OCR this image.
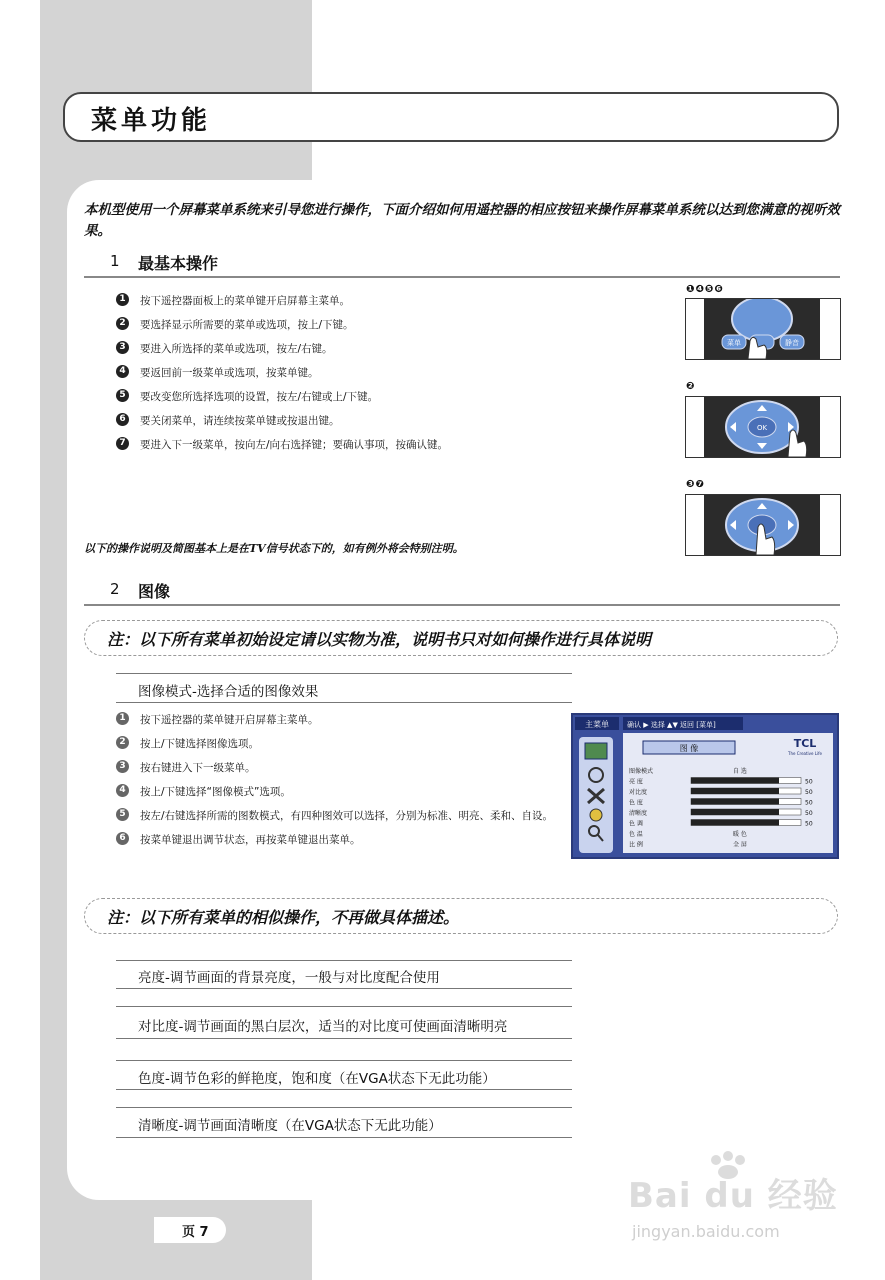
菜单功能
本机型使用一个屏幕菜单系统来引导您进行操作，下面介绍如何用遥控器的相应按钮来操作屏幕菜单系统以达到您满意的视听效果。
1 最基本操作
1	按下遥控器面板上的菜单键开启屏幕主菜单。
2	要选择显示所需要的菜单或选项，按上/下键。
3	要进入所选择的菜单或选项，按左/右键。
4	要返回前一级菜单或选项，按菜单键。
5	要改变您所选择选项的设置，按左/右键或上/下键。
6	要关闭菜单，请连续按菜单键或按退出键。
7	要进入下一级菜单，按向左/向右选择键；要确认事项，按确认键。
以下的操作说明及简图基本上是在TV信号状态下的，如有例外将会特别注明。
❶❹❺❻
菜单	静音
❷
OK
❸❼
2 图像
注：以下所有菜单初始设定请以实物为准，说明书只对如何操作进行具体说明
图像模式-选择合适的图像效果
1	按下遥控器的菜单键开启屏幕主菜单。
2	按上/下键选择图像选项。
3	按右键进入下一级菜单。
4	按上/下键选择“图像模式”选项。
5	按左/右键选择所需的图数模式，有四种图效可以选择，分别为标准、明亮、柔和、自设。
6	按菜单键退出调节状态，再按菜单键退出菜单。
主菜单	确认 ▶ 选择 ▲▼ 返回 [菜单]
TCL
The Creative Life
图 像
图像模式	自 选
亮 度	50
对比度	50
色 度	50
清晰度	50
色 调	50
色 温	暖 色
比 例	全 屏
注：以下所有菜单的相似操作，不再做具体描述。
亮度-调节画面的背景亮度，一般与对比度配合使用
对比度-调节画面的黑白层次，适当的对比度可使画面清晰明亮
色度-调节色彩的鲜艳度，饱和度（在VGA状态下无此功能）
清晰度-调节画面清晰度（在VGA状态下无此功能）
页 7
Bai du 经验
jingyan.baidu.com
